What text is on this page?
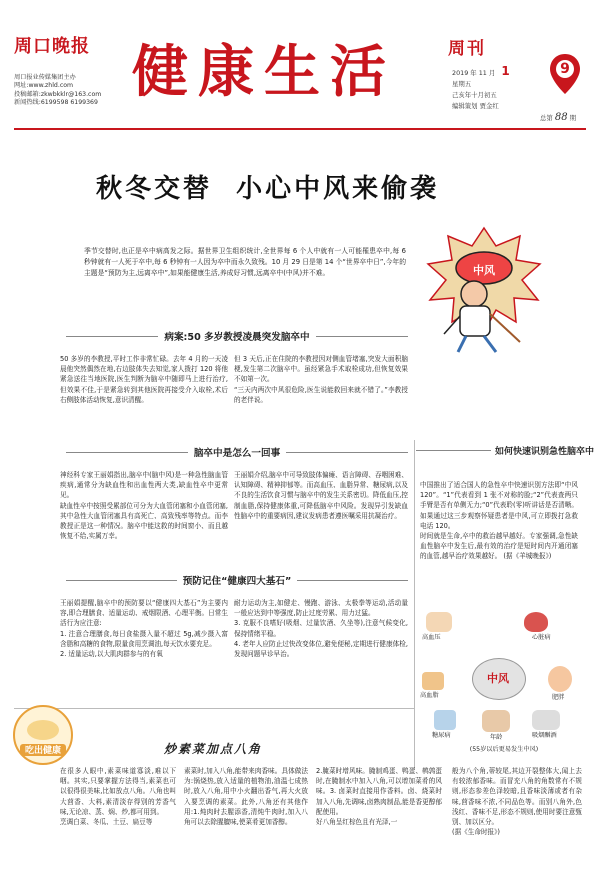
周口晚报
周口报业传媒集团主办
网址:www.zhld.com
投稿邮箱:zkwbkklr@163.com
新闻热线:6199598 6199369 健康生活	周刊
9
2019 年 11 月 1
星期五
己亥年十月初五
编辑策划 贾金红
总第 88 期
秋冬交替  小心中风来偷袭
季节交替时,也正是卒中病高发之际。据世界卫生组织统计,全世界每 6 个人中就有一人可能罹患卒中,每 6 秒钟就有一人死于卒中,每 6 秒钟有一人因为卒中而永久致残。10 月 29 日是第 14 个“世界卒中日”,今年的主题是“预防为主,远离卒中”,如果能健康生活,养成好习惯,远离卒中(中风)并不难。	中风
病案:50 多岁教授凌晨突发脑卒中
50 多岁的李教授,平时工作非常忙碌。去年 4 月的一天凌晨他突然偶然在地,右边肢体失去知觉,家人拨打 120 将他紧急送往当地医院,医生判断为脑卒中随即马上进行治疗,但效果不佳,于是紧急转到其他医院再接受介入取栓,术后右侧肢体活动恢复,意识清醒。
但 3 天后,正在住院的李教授因对侧血管堵塞,突发大面积脑梗,发生第二次脑卒中。虽经紧急手术取栓成功,但恢复效果不如第一次。
“三天内两次中风很危险,医生说能救回来就不错了。”李教授的老伴说。
脑卒中是怎么一回事
神经科专家王丽娟指出,脑卒中(脑中风)是一种急性脑血管疾病,通常分为缺血性和出血性两大类,缺血性卒中更常见。
缺血性卒中按照受累部位可分为大血管闭塞和小血管闭塞,其中急性大血管闭塞具有高死亡、高致残率等特点。而李教授正是这一种情况。脑卒中能这救的时间窗小、而且越恢复不给,实属万幸。
王丽娟介绍,脑卒中可导致肢体偏瘫、语言障碍、吞咽困难、认知障碍、精神抑郁等。而高血压、血脂异常、糖尿病,以及不良的生活饮食习惯与脑卒中的发生关系密切。降低血压,控制血脂,保持健康体重,可降低脑卒中风险。发现异引发缺血性脑卒中的重要病因,建议发病患者遵医嘱采用抗凝治疗。
如何快速识别急性脑卒中
中国推出了适合国人的急性卒中快速识别方法即“中风 120”。“1”代表看到 1 张不对称的脸;“2”代表查两只手臂是否有单侧无力;“0”代表聆(零)听讲话是否清晰。如果通过这三步观察怀疑患者是中风,可立即拨打急救电话 120。
时间就是生命,卒中的救治越早越好。专家强调,急性缺血性脑卒中发生后,最有效的治疗是短时间内开通闭塞的血管,越早治疗效果越好。 (据《羊城晚报》)
中风
高血压	心脏病
高血脂	肥胖
糖尿病	年龄	吸烟酗酒
(55岁以后更易发生中风)
预防记住“健康四大基石”
王丽娟提醒,脑卒中的预防要以“健康四大基石”为主要内容,即合理膳食、适量运动、戒烟限酒、心理平衡。日常生活行为应注意:
1. 注意合理膳食,每日食盐摄入量不超过 5g,减少摄入富含脂和高糖的食物,限量食用烹调油,每天饮水要充足。
2. 适量运动,以大肌肉群参与的有氧
耐力运动为主,如健走、慢跑、游泳、太极拳等运动,活动量一般应达到中等强度,防止过度劳累、用力过猛。
3. 克服不良嗜好(吸烟、过量饮酒、久坐等),注意气候变化,保持情绪平稳。
4. 老年人应防止过快改变体位,避免便秘,定期进行健康体检,发现问题早诊早治。
吃出健康	炒素菜加点八角
在很多人眼中,素菜味道寡淡,难以下咽。其实,只要掌握方法得当,素菜也可以很得很美味,比如放点八角。八角也叫大茴香、大料,素清淡存得别的芳香气味,无论凉、蒸、焖、炒,都可用到。
烹调白菜、冬瓜、土豆、扁豆等
素菜时,加入八角,能带来肉香味。具体做法为:锅烧热,放入适量的植物油,油温七成热时,放入八角,用中小火翻出香气,再大火放入要烹调的素菜。此外,八角还有其他作用:1.炖肉时去腥添香,清炖牛肉时,加入八角可以去除腥膻味,使菜肴更加香醇。
2.腌菜时增风味。腌制鸡蛋、鸭蛋、鹌鹑蛋时,在腌制水中加入八角,可以增加菜肴的风味。3. 卤菜时直接用作香料。卤、烧菜时加入八角,先调味,卤熟肉制品,能是香更醇郁配使用。
好八角呈红棕色且有光泽,一
般为八个角,蒂较尾,其边开裂整体大,闻上去有较浓郁香味。而冒充八角的角数常有不规则,形态参差色泽较暗,且香味淡薄或者有杂味,茴香味不浓,不同品色等。而别八角外,色浅红、香味不足,形态不规则,使用时要注意甄别、加以区分。
(据《生命时报》)
